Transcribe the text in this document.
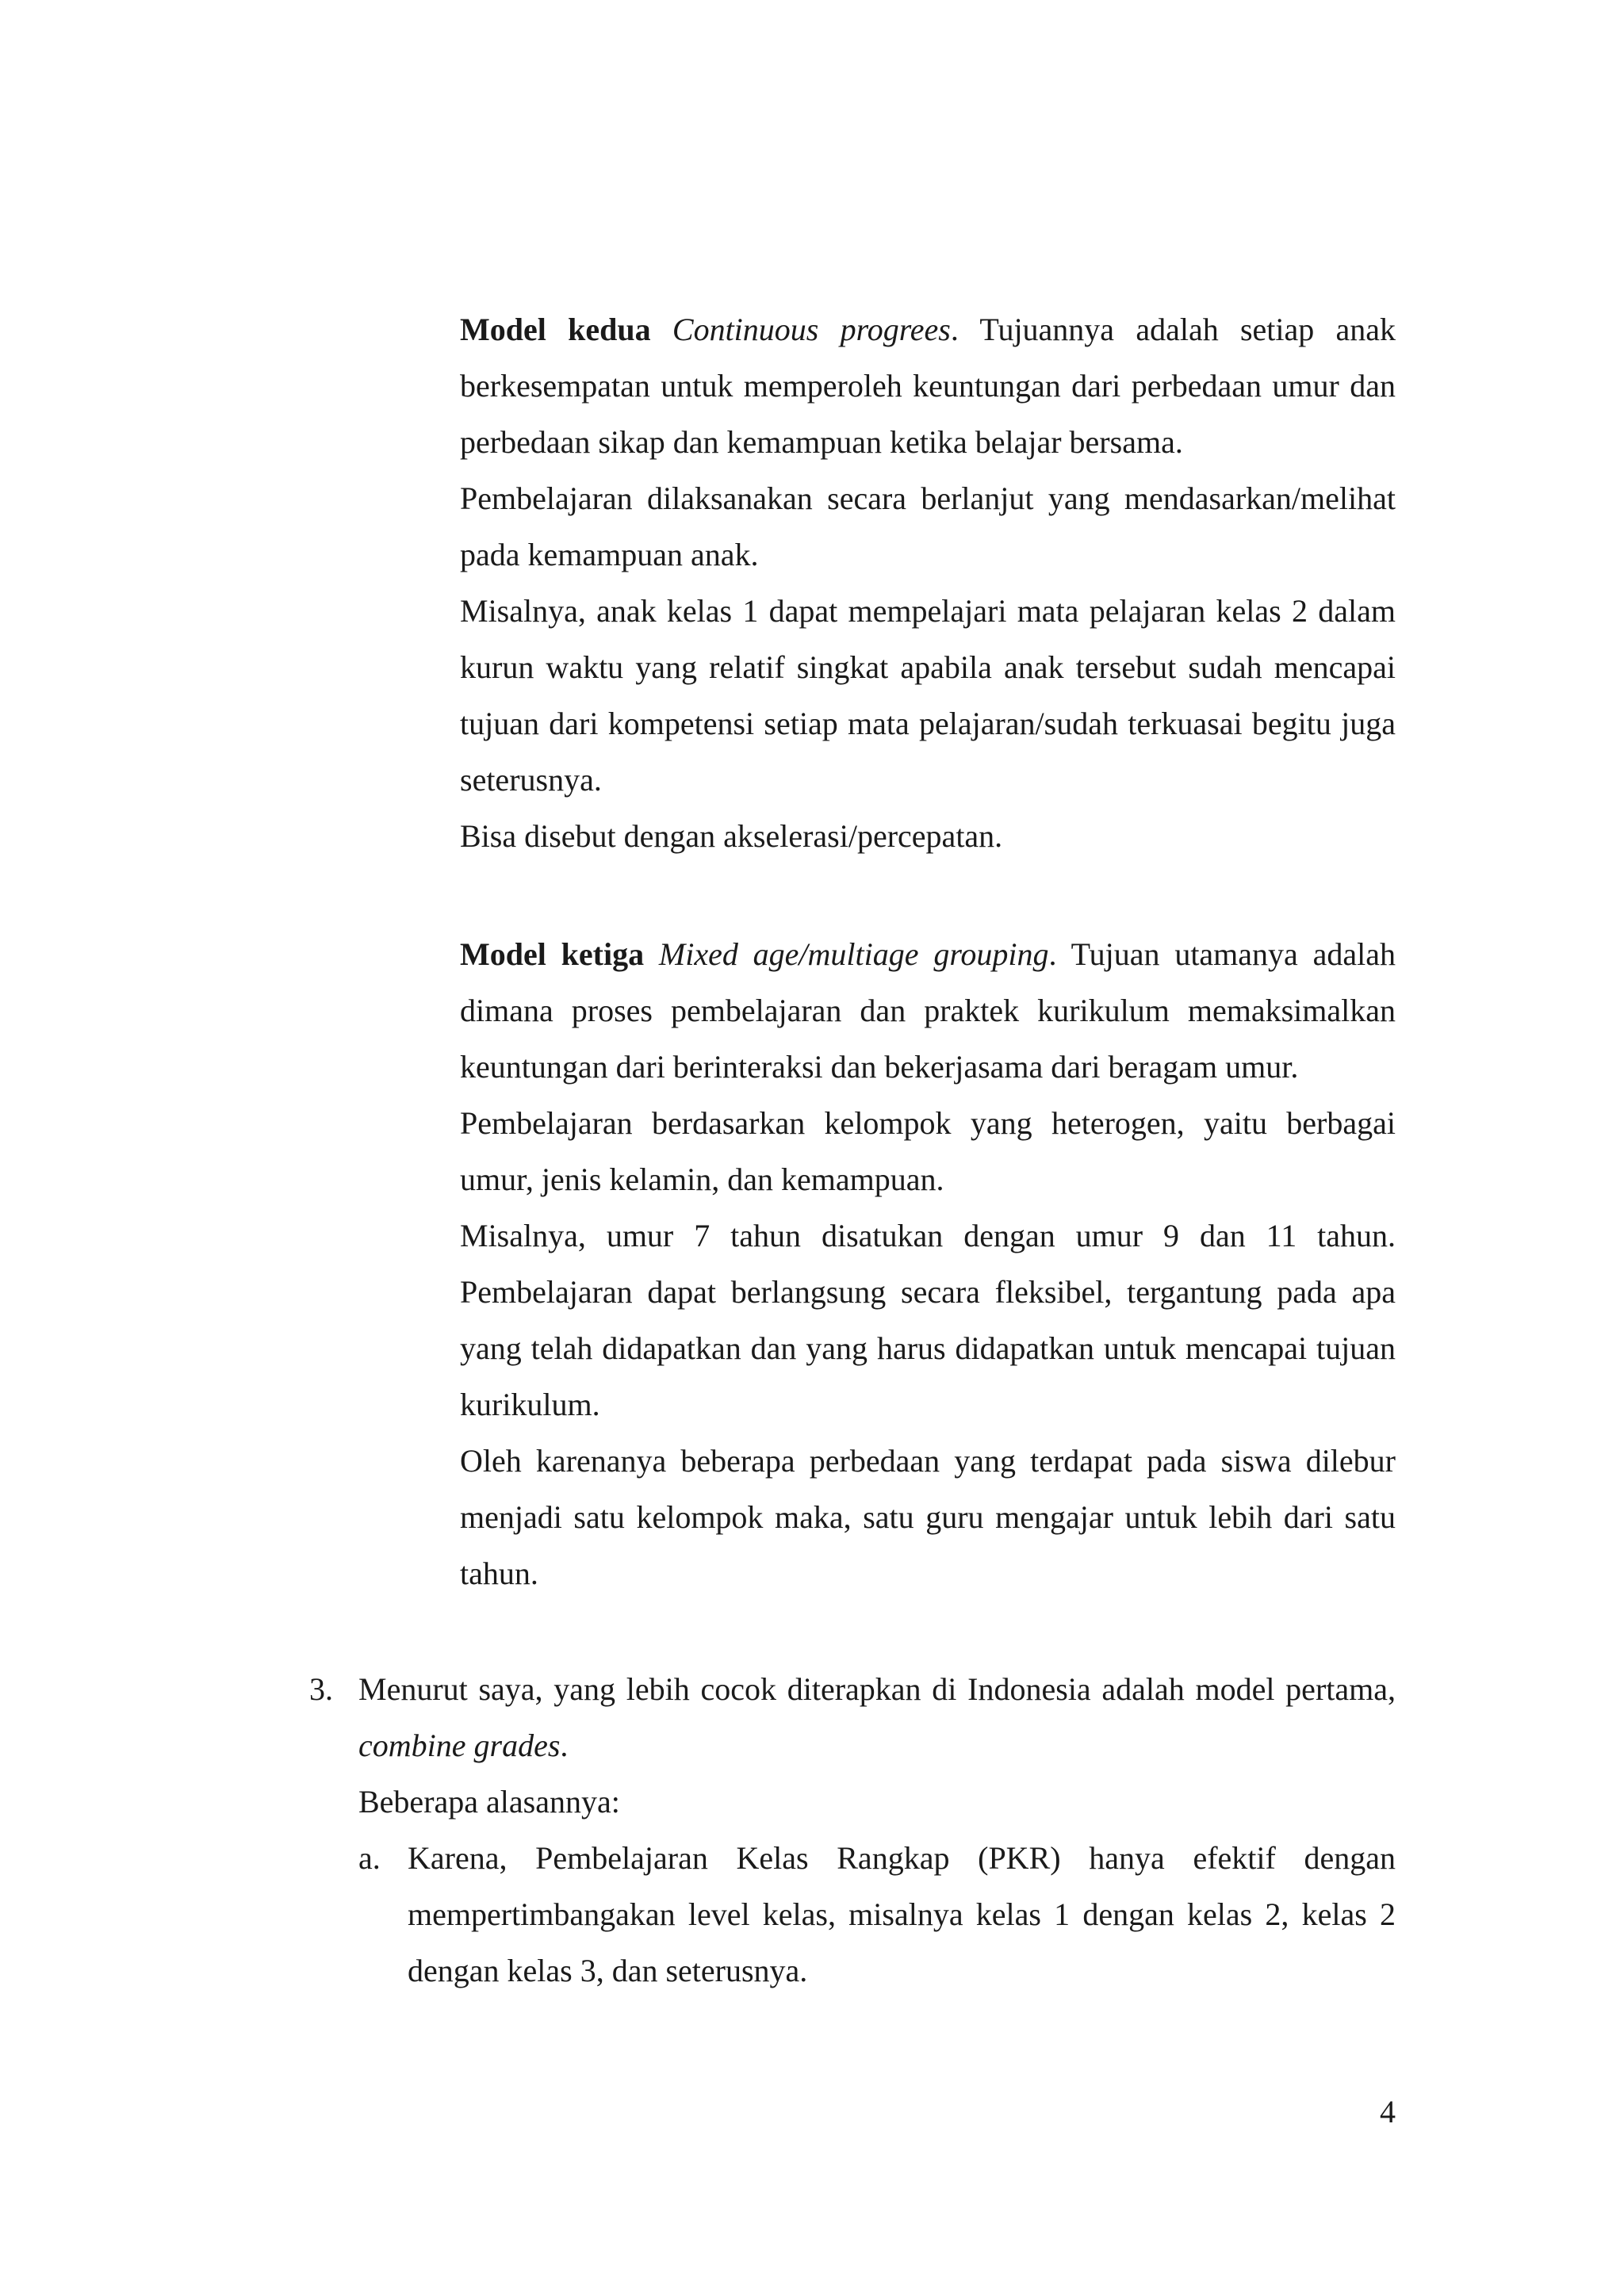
Model kedua Continuous progrees. Tujuannya adalah setiap anak berkesempatan untuk memperoleh keuntungan dari perbedaan umur dan perbedaan sikap dan kemampuan ketika belajar bersama.

Pembelajaran dilaksanakan secara berlanjut yang mendasarkan/melihat pada kemampuan anak.

Misalnya, anak kelas 1 dapat mempelajari mata pelajaran kelas 2 dalam kurun waktu yang relatif singkat apabila anak tersebut sudah mencapai tujuan dari kompetensi setiap mata pelajaran/sudah terkuasai begitu juga seterusnya.

Bisa disebut dengan akselerasi/percepatan.

Model ketiga Mixed age/multiage grouping. Tujuan utamanya adalah dimana proses pembelajaran dan praktek kurikulum memaksimalkan keuntungan dari berinteraksi dan bekerjasama dari beragam umur.

Pembelajaran berdasarkan kelompok yang heterogen, yaitu berbagai umur, jenis kelamin, dan kemampuan.

Misalnya, umur 7 tahun disatukan dengan umur 9 dan 11 tahun. Pembelajaran dapat berlangsung secara fleksibel, tergantung pada apa yang telah didapatkan dan yang harus didapatkan untuk mencapai tujuan kurikulum.

Oleh karenanya beberapa perbedaan yang terdapat pada siswa dilebur menjadi satu kelompok maka, satu guru mengajar untuk lebih dari satu tahun.

3. Menurut saya, yang lebih cocok diterapkan di Indonesia adalah model pertama, combine grades.

Beberapa alasannya:

a. Karena, Pembelajaran Kelas Rangkap (PKR) hanya efektif dengan mempertimbangakan level kelas, misalnya kelas 1 dengan kelas 2, kelas 2 dengan kelas 3, dan seterusnya.

4
